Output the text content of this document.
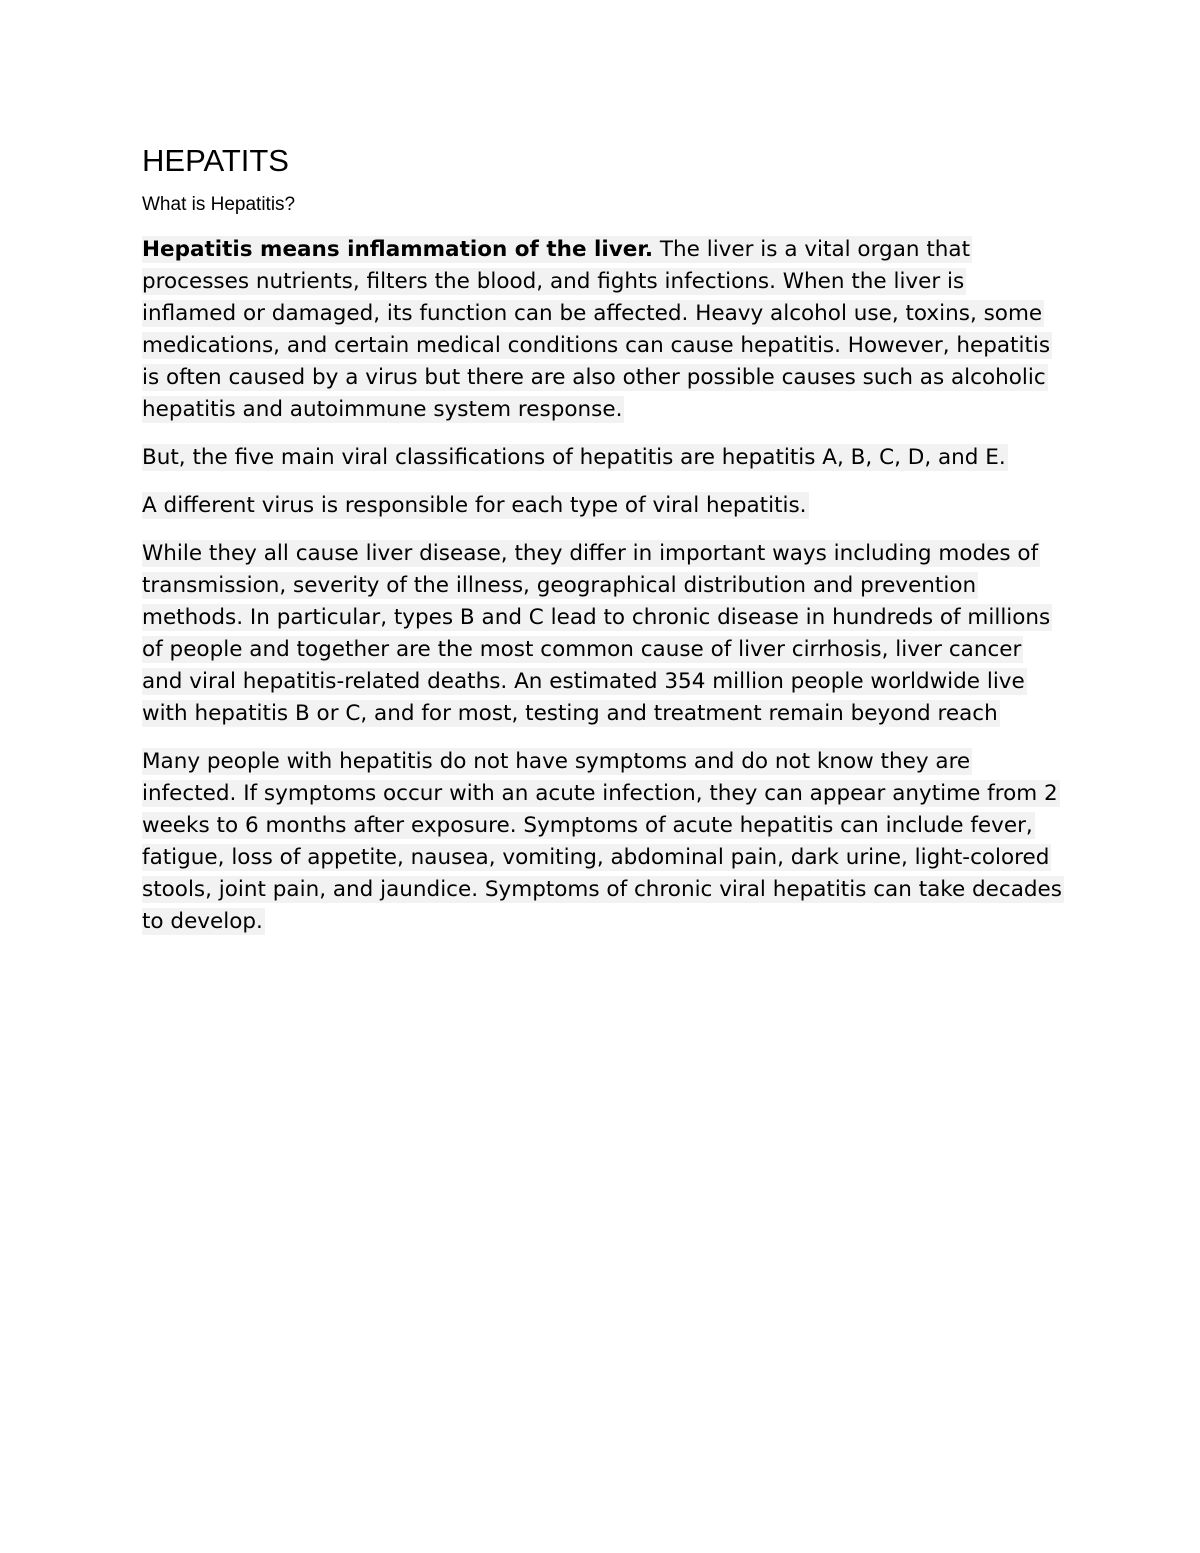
HEPATITS
What is Hepatitis?

Hepatitis means inflammation of the liver. The liver is a vital organ that processes nutrients, filters the blood, and fights infections. When the liver is inflamed or damaged, its function can be affected. Heavy alcohol use, toxins, some medications, and certain medical conditions can cause hepatitis. However, hepatitis is often caused by a virus but there are also other possible causes such as alcoholic hepatitis and autoimmune system response.

But, the five main viral classifications of hepatitis are hepatitis A, B, C, D, and E.

A different virus is responsible for each type of viral hepatitis.

While they all cause liver disease, they differ in important ways including modes of transmission, severity of the illness, geographical distribution and prevention methods. In particular, types B and C lead to chronic disease in hundreds of millions of people and together are the most common cause of liver cirrhosis, liver cancer and viral hepatitis-related deaths. An estimated 354 million people worldwide live with hepatitis B or C, and for most, testing and treatment remain beyond reach

Many people with hepatitis do not have symptoms and do not know they are infected. If symptoms occur with an acute infection, they can appear anytime from 2 weeks to 6 months after exposure. Symptoms of acute hepatitis can include fever, fatigue, loss of appetite, nausea, vomiting, abdominal pain, dark urine, light-colored stools, joint pain, and jaundice. Symptoms of chronic viral hepatitis can take decades to develop.
